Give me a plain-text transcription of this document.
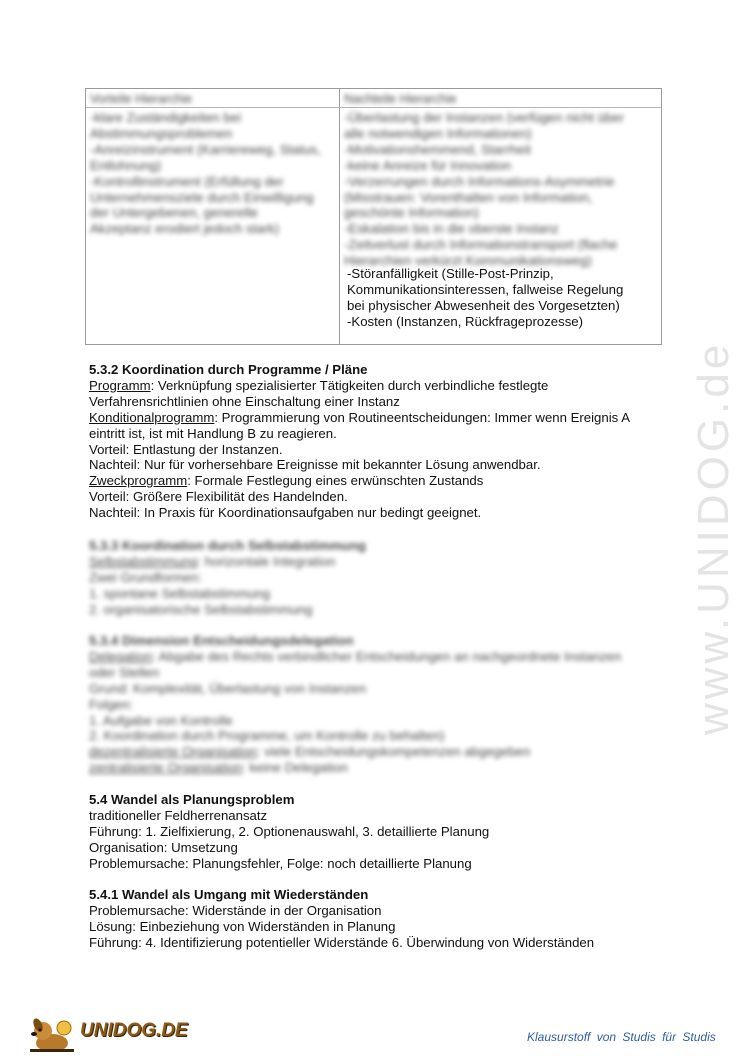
www.UNIDOG.de
Vorteile Hierarchie	Nachteile Hierarchie
-klare Zuständigkeiten bei
Abstimmungsproblemen
-Anreizinstrument (Karriereweg, Status,
Entlohnung)
-Kontrollinstrument (Erfüllung der
Unternehmensziele durch Einwilligung
der Untergebenen, generelle
Akzeptanz erodiert jedoch stark)
-Überlastung der Instanzen (verfügen nicht über
alle notwendigen Informationen)
-Motivationshemmend, Starrheit
-keine Anreize für Innovation
-Verzerrungen durch Informations-Asymmetrie
(Misstrauen: Vorenthalten von Information,
geschönte Information)
-Eskalation bis in die oberste Instanz
-Zeitverlust durch Informationstransport (flache
Hierarchien verkürzt Kommunikationsweg)
-Störanfälligkeit (Stille-Post-Prinzip,
Kommunikationsinteressen, fallweise Regelung
bei physischer Abwesenheit des Vorgesetzten)
-Kosten (Instanzen, Rückfrageprozesse)
5.3.2 Koordination durch Programme / Pläne
Programm: Verknüpfung spezialisierter Tätigkeiten durch verbindliche festlegte
Verfahrensrichtlinien ohne Einschaltung einer Instanz
Konditionalprogramm: Programmierung von Routineentscheidungen: Immer wenn Ereignis A
eintritt ist, ist mit Handlung B zu reagieren.
Vorteil: Entlastung der Instanzen.
Nachteil: Nur für vorhersehbare Ereignisse mit bekannter Lösung anwendbar.
Zweckprogramm: Formale Festlegung eines erwünschten Zustands
Vorteil: Größere Flexibilität des Handelnden.
Nachteil: In Praxis für Koordinationsaufgaben nur bedingt geeignet.
5.3.3 Koordination durch Selbstabstimmung
Selbstabstimmung: horizontale Integration
Zwei Grundformen:
1. spontane Selbstabstimmung
2. organisatorische Selbstabstimmung
5.3.4 Dimension Entscheidungsdelegation
Delegation: Abgabe des Rechts verbindlicher Entscheidungen an nachgeordnete Instanzen
oder Stellen
Grund: Komplexität, Überlastung von Instanzen
Folgen:
1. Aufgabe von Kontrolle
2. Koordination durch Programme, um Kontrolle zu behalten)
dezentralisierte Organisation: viele Entscheidungskompetenzen abgegeben
zentralisierte Organisation: keine Delegation
5.4 Wandel als Planungsproblem
traditioneller Feldherrenansatz
Führung: 1. Zielfixierung, 2. Optionenauswahl, 3. detaillierte Planung
Organisation: Umsetzung
Problemursache: Planungsfehler, Folge: noch detaillierte Planung
5.4.1 Wandel als Umgang mit Wiederständen
Problemursache: Widerstände in der Organisation
Lösung: Einbeziehung von Widerständen in Planung
Führung: 4. Identifizierung potentieller Widerstände 6. Überwindung von Widerständen
UNIDOG.DE	Klausurstoff von Studis für Studis
